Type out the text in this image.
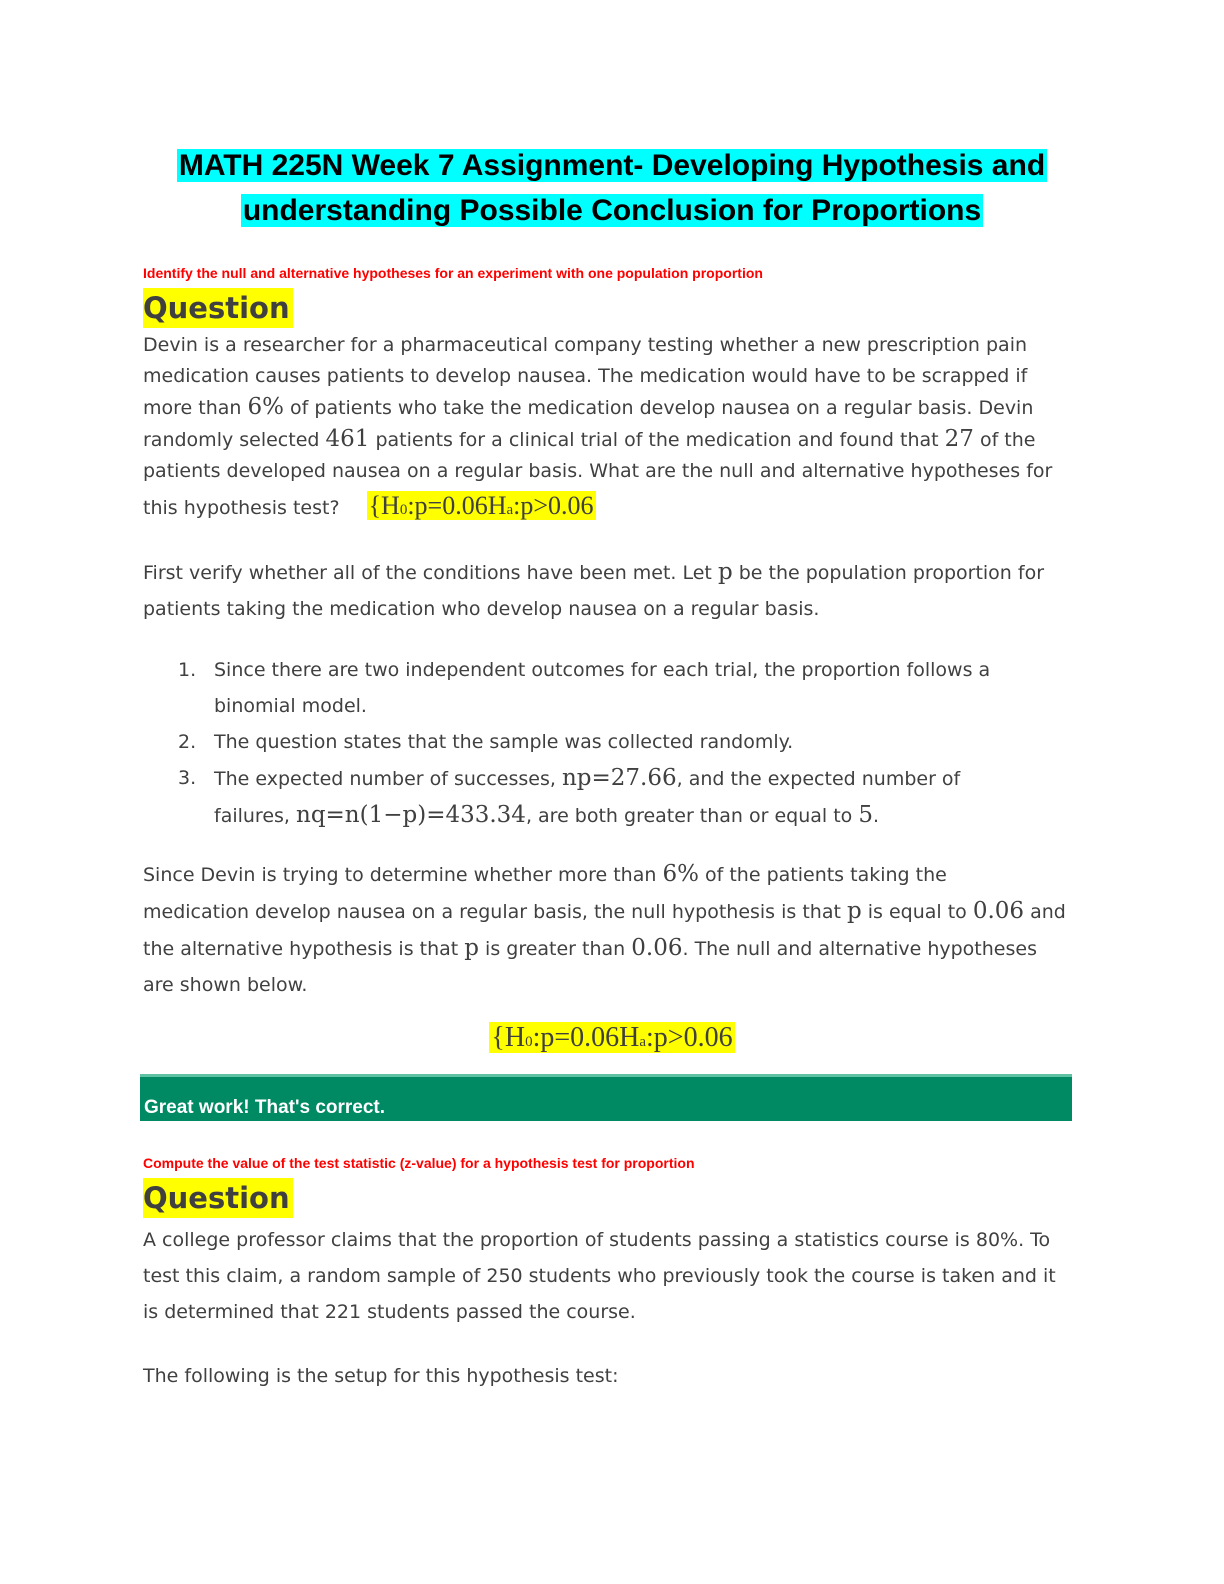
MATH 225N Week 7 Assignment- Developing Hypothesis and
understanding Possible Conclusion for Proportions
Identify the null and alternative hypotheses for an experiment with one population proportion
Question
Devin is a researcher for a pharmaceutical company testing whether a new prescription pain
medication causes patients to develop nausea. The medication would have to be scrapped if
more than 6% of patients who take the medication develop nausea on a regular basis. Devin
randomly selected 461 patients for a clinical trial of the medication and found that 27 of the
patients developed nausea on a regular basis. What are the null and alternative hypotheses for
this hypothesis test? {H0:p=0.06Ha:p>0.06
First verify whether all of the conditions have been met. Let p be the population proportion for
patients taking the medication who develop nausea on a regular basis.
1. Since there are two independent outcomes for each trial, the proportion follows a
binomial model.
2. The question states that the sample was collected randomly.
3. The expected number of successes, np=27.66, and the expected number of
failures, nq=n(1−p)=433.34, are both greater than or equal to 5.
Since Devin is trying to determine whether more than 6% of the patients taking the
medication develop nausea on a regular basis, the null hypothesis is that p is equal to 0.06 and
the alternative hypothesis is that p is greater than 0.06. The null and alternative hypotheses
are shown below.
{H0:p=0.06Ha:p>0.06
Great work! That's correct.
Compute the value of the test statistic (z-value) for a hypothesis test for proportion
Question
A college professor claims that the proportion of students passing a statistics course is 80%. To
test this claim, a random sample of 250 students who previously took the course is taken and it
is determined that 221 students passed the course.
The following is the setup for this hypothesis test:
